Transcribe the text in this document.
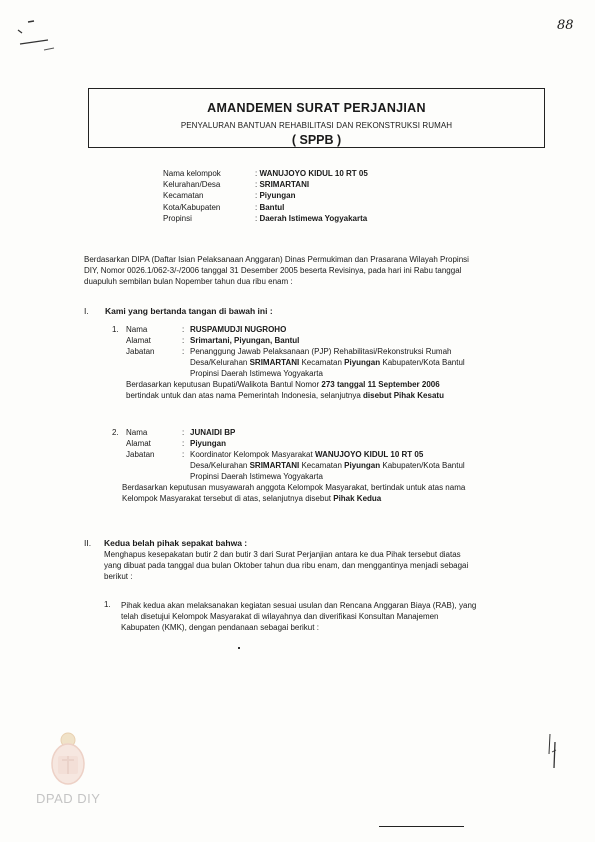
88
AMANDEMEN SURAT PERJANJIAN
PENYALURAN BANTUAN REHABILITASI DAN REKONSTRUKSI RUMAH
( SPPB )
Nama kelompok	: WANUJOYO KIDUL 10 RT 05
Kelurahan/Desa	: SRIMARTANI
Kecamatan	: Piyungan
Kota/Kabupaten	: Bantul
Propinsi	: Daerah Istimewa Yogyakarta
Berdasarkan DIPA (Daftar Isian Pelaksanaan Anggaran) Dinas Permukiman dan Prasarana Wilayah Propinsi
DIY, Nomor 0026.1/062-3/-/2006 tanggal 31 Desember 2005 beserta Revisinya, pada hari ini Rabu tanggal
duapuluh sembilan bulan Nopember tahun dua ribu enam :
I. Kami yang bertanda tangan di bawah ini :
1. Nama	: RUSPAMUDJI NUGROHO
Alamat	: Srimartani, Piyungan, Bantul
Jabatan	: Penanggung Jawab Pelaksanaan (PJP) Rehabilitasi/Rekonstruksi Rumah
Desa/Kelurahan SRIMARTANI Kecamatan Piyungan Kabupaten/Kota Bantul
Propinsi Daerah Istimewa Yogyakarta
Berdasarkan keputusan Bupati/Walikota Bantul Nomor 273 tanggal 11 September 2006
bertindak untuk dan atas nama Pemerintah Indonesia, selanjutnya disebut Pihak Kesatu
2. Nama	: JUNAIDI BP
Alamat	: Piyungan
Jabatan	: Koordinator Kelompok Masyarakat WANUJOYO KIDUL 10 RT 05
Desa/Kelurahan SRIMARTANI Kecamatan Piyungan Kabupaten/Kota Bantul
Propinsi Daerah Istimewa Yogyakarta
Berdasarkan keputusan musyawarah anggota Kelompok Masyarakat, bertindak untuk atas nama
Kelompok Masyarakat tersebut di atas, selanjutnya disebut Pihak Kedua
II. Kedua belah pihak sepakat bahwa :
Menghapus kesepakatan butir 2 dan butir 3 dari Surat Perjanjian antara ke dua Pihak tersebut diatas
yang dibuat pada tanggal dua bulan Oktober tahun dua ribu enam, dan menggantinya menjadi sebagai
berikut :
1. Pihak kedua akan melaksanakan kegiatan sesuai usulan dan Rencana Anggaran Biaya (RAB), yang
telah disetujui Kelompok Masyarakat di wilayahnya dan diverifikasi Konsultan Manajemen
Kabupaten (KMK), dengan pendanaan sebagai berikut :
DPAD DIY
